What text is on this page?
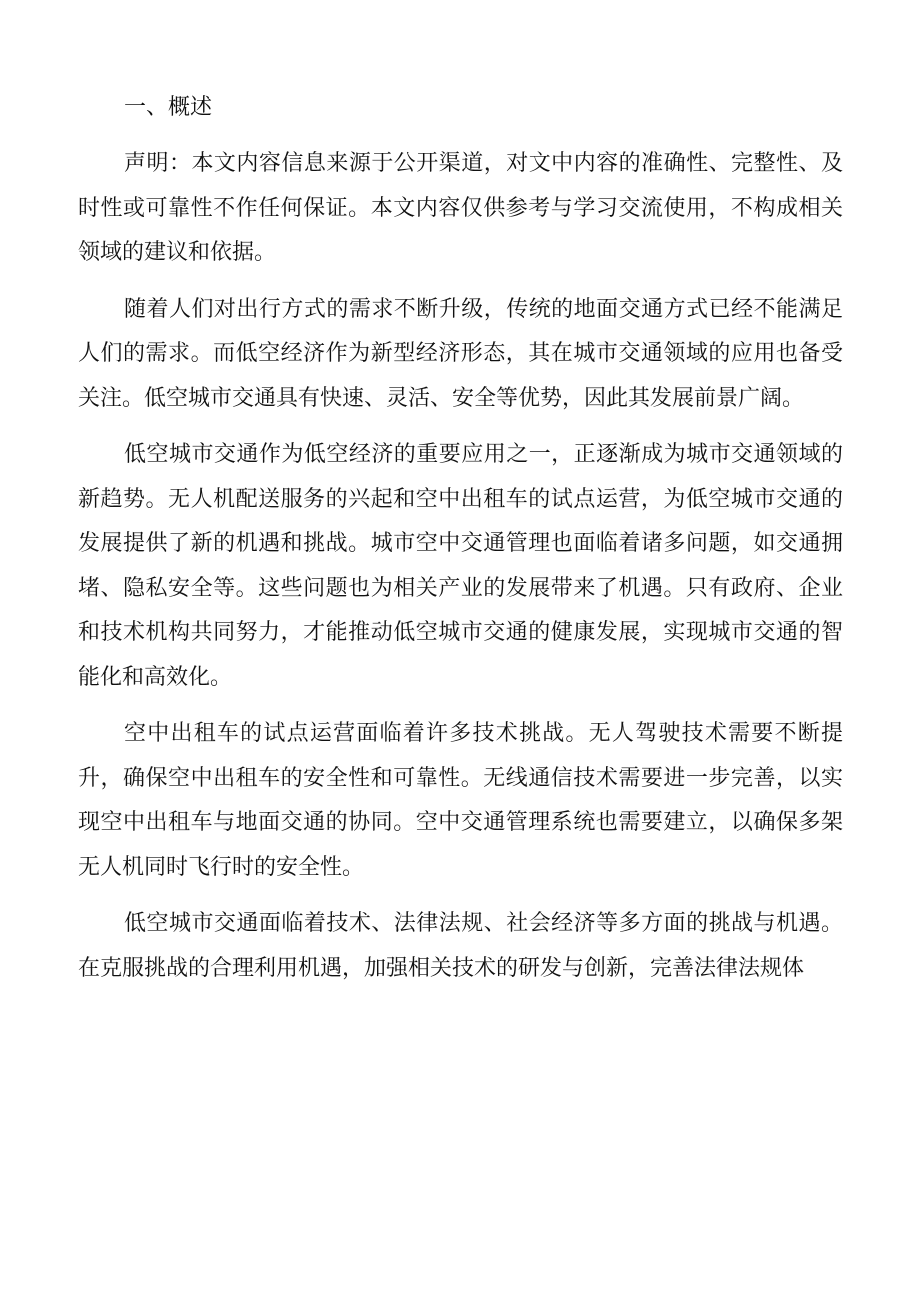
一、概述

声明：本文内容信息来源于公开渠道，对文中内容的准确性、完整性、及时性或可靠性不作任何保证。本文内容仅供参考与学习交流使用，不构成相关领域的建议和依据。

随着人们对出行方式的需求不断升级，传统的地面交通方式已经不能满足人们的需求。而低空经济作为新型经济形态，其在城市交通领域的应用也备受关注。低空城市交通具有快速、灵活、安全等优势，因此其发展前景广阔。

低空城市交通作为低空经济的重要应用之一，正逐渐成为城市交通领域的新趋势。无人机配送服务的兴起和空中出租车的试点运营，为低空城市交通的发展提供了新的机遇和挑战。城市空中交通管理也面临着诸多问题，如交通拥堵、隐私安全等。这些问题也为相关产业的发展带来了机遇。只有政府、企业和技术机构共同努力，才能推动低空城市交通的健康发展，实现城市交通的智能化和高效化。

空中出租车的试点运营面临着许多技术挑战。无人驾驶技术需要不断提升，确保空中出租车的安全性和可靠性。无线通信技术需要进一步完善，以实现空中出租车与地面交通的协同。空中交通管理系统也需要建立，以确保多架无人机同时飞行时的安全性。

低空城市交通面临着技术、法律法规、社会经济等多方面的挑战与机遇。在克服挑战的合理利用机遇，加强相关技术的研发与创新，完善法律法规体
